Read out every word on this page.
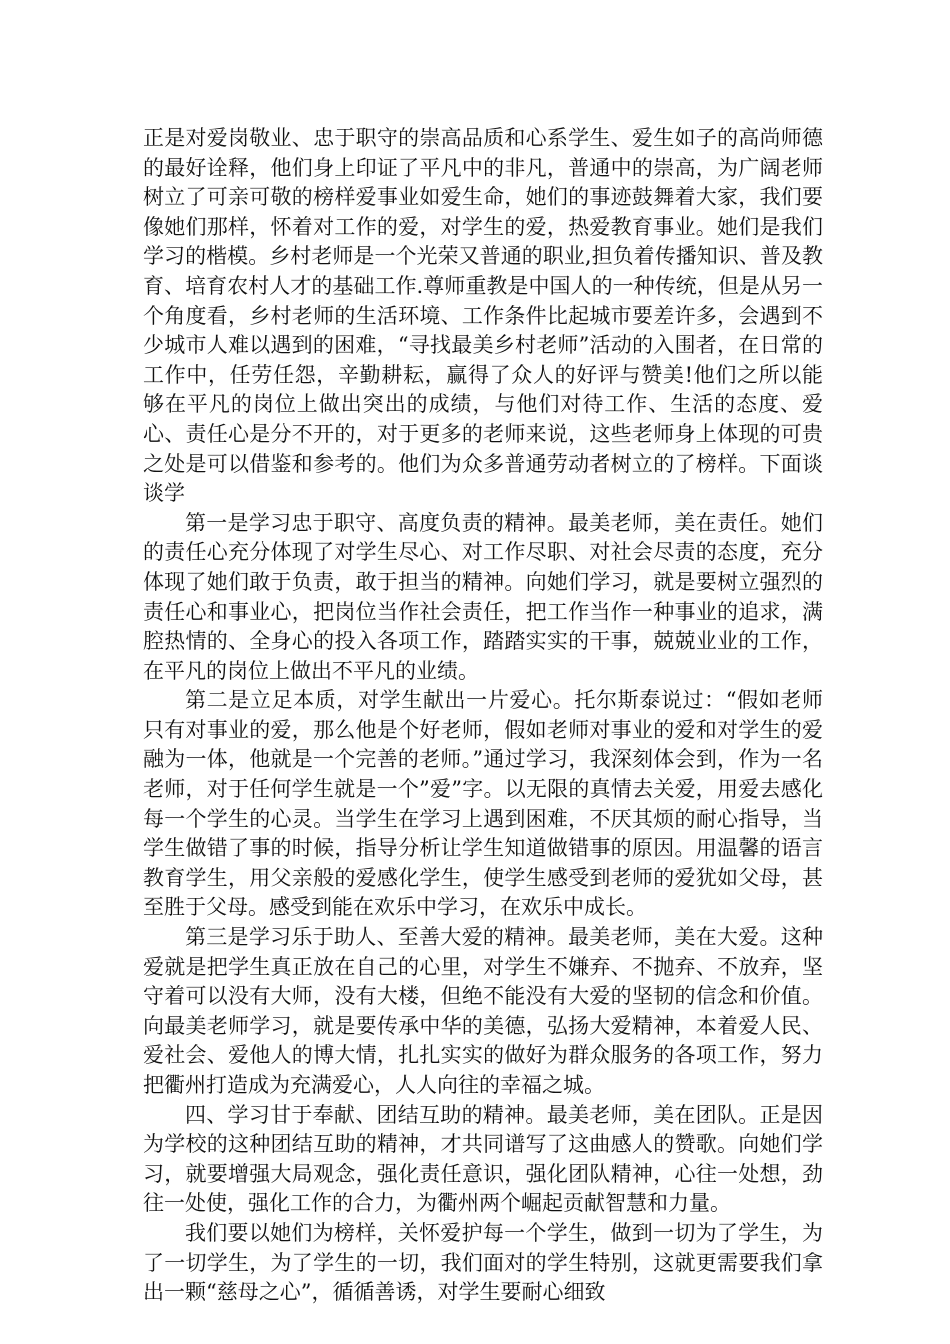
正是对爱岗敬业、忠于职守的崇高品质和心系学生、爱生如子的高尚师德的最好诠释，他们身上印证了平凡中的非凡，普通中的崇高，为广阔老师树立了可亲可敬的榜样爱事业如爱生命，她们的事迹鼓舞着大家，我们要像她们那样，怀着对工作的爱，对学生的爱，热爱教育事业。她们是我们学习的楷模。乡村老师是一个光荣又普通的职业,担负着传播知识、普及教育、培育农村人才的基础工作.尊师重教是中国人的一种传统，但是从另一个角度看，乡村老师的生活环境、工作条件比起城市要差许多，会遇到不少城市人难以遇到的困难，“寻找最美乡村老师”活动的入围者，在日常的工作中，任劳任怨，辛勤耕耘，赢得了众人的好评与赞美!他们之所以能够在平凡的岗位上做出突出的成绩，与他们对待工作、生活的态度、爱心、责任心是分不开的，对于更多的老师来说，这些老师身上体现的可贵之处是可以借鉴和参考的。他们为众多普通劳动者树立的了榜样。下面谈谈学

第一是学习忠于职守、高度负责的精神。最美老师，美在责任。她们的责任心充分体现了对学生尽心、对工作尽职、对社会尽责的态度，充分体现了她们敢于负责，敢于担当的精神。向她们学习，就是要树立强烈的责任心和事业心，把岗位当作社会责任，把工作当作一种事业的追求，满腔热情的、全身心的投入各项工作，踏踏实实的干事，兢兢业业的工作，在平凡的岗位上做出不平凡的业绩。

第二是立足本质，对学生献出一片爱心。托尔斯泰说过：“假如老师只有对事业的爱，那么他是个好老师，假如老师对事业的爱和对学生的爱融为一体，他就是一个完善的老师。”通过学习，我深刻体会到，作为一名老师，对于任何学生就是一个”爱”字。以无限的真情去关爱，用爱去感化每一个学生的心灵。当学生在学习上遇到困难，不厌其烦的耐心指导，当学生做错了事的时候，指导分析让学生知道做错事的原因。用温馨的语言教育学生，用父亲般的爱感化学生，使学生感受到老师的爱犹如父母，甚至胜于父母。感受到能在欢乐中学习，在欢乐中成长。

第三是学习乐于助人、至善大爱的精神。最美老师，美在大爱。这种爱就是把学生真正放在自己的心里，对学生不嫌弃、不抛弃、不放弃，坚守着可以没有大师，没有大楼，但绝不能没有大爱的坚韧的信念和价值。向最美老师学习，就是要传承中华的美德，弘扬大爱精神，本着爱人民、爱社会、爱他人的博大情，扎扎实实的做好为群众服务的各项工作，努力把衢州打造成为充满爱心，人人向往的幸福之城。

四、学习甘于奉献、团结互助的精神。最美老师，美在团队。正是因为学校的这种团结互助的精神，才共同谱写了这曲感人的赞歌。向她们学习，就要增强大局观念，强化责任意识，强化团队精神，心往一处想，劲往一处使，强化工作的合力，为衢州两个崛起贡献智慧和力量。

我们要以她们为榜样，关怀爱护每一个学生，做到一切为了学生，为了一切学生，为了学生的一切，我们面对的学生特别，这就更需要我们拿出一颗“慈母之心”，循循善诱，对学生要耐心细致
